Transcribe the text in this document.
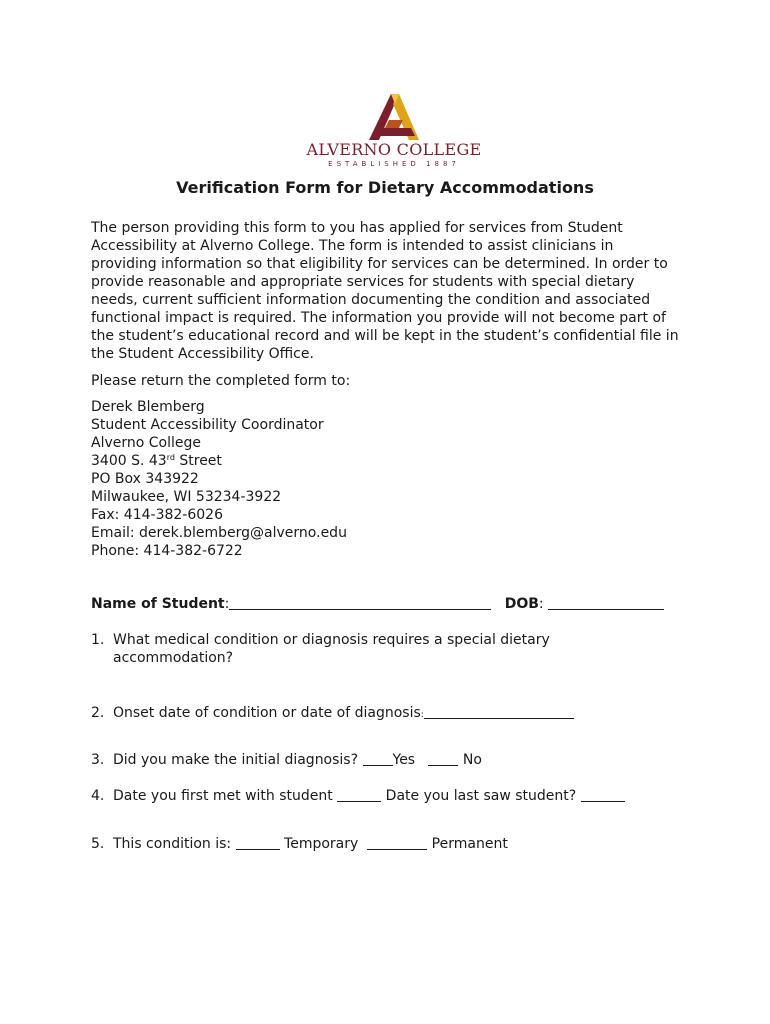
ALVERNO COLLEGE
ESTABLISHED 1887
Verification Form for Dietary Accommodations

The person providing this form to you has applied for services from Student Accessibility at Alverno College. The form is intended to assist clinicians in providing information so that eligibility for services can be determined. In order to provide reasonable and appropriate services for students with special dietary needs, current sufficient information documenting the condition and associated functional impact is required. The information you provide will not become part of the student’s educational record and will be kept in the student’s confidential file in the Student Accessibility Office.

Please return the completed form to:
Derek Blemberg
Student Accessibility Coordinator
Alverno College
3400 S. 43rd Street
PO Box 343922
Milwaukee, WI 53234-3922
Fax: 414-382-6026
Email: derek.blemberg@alverno.edu
Phone: 414-382-6722
Name of Student:	DOB:
1. What medical condition or diagnosis requires a special dietary
accommodation?
2. Onset date of condition or date of diagnosis:
3. Did you make the initial diagnosis? Yes	No
4. Date you first met with student	Date you last saw student?
5. This condition is:	Temporary	Permanent
